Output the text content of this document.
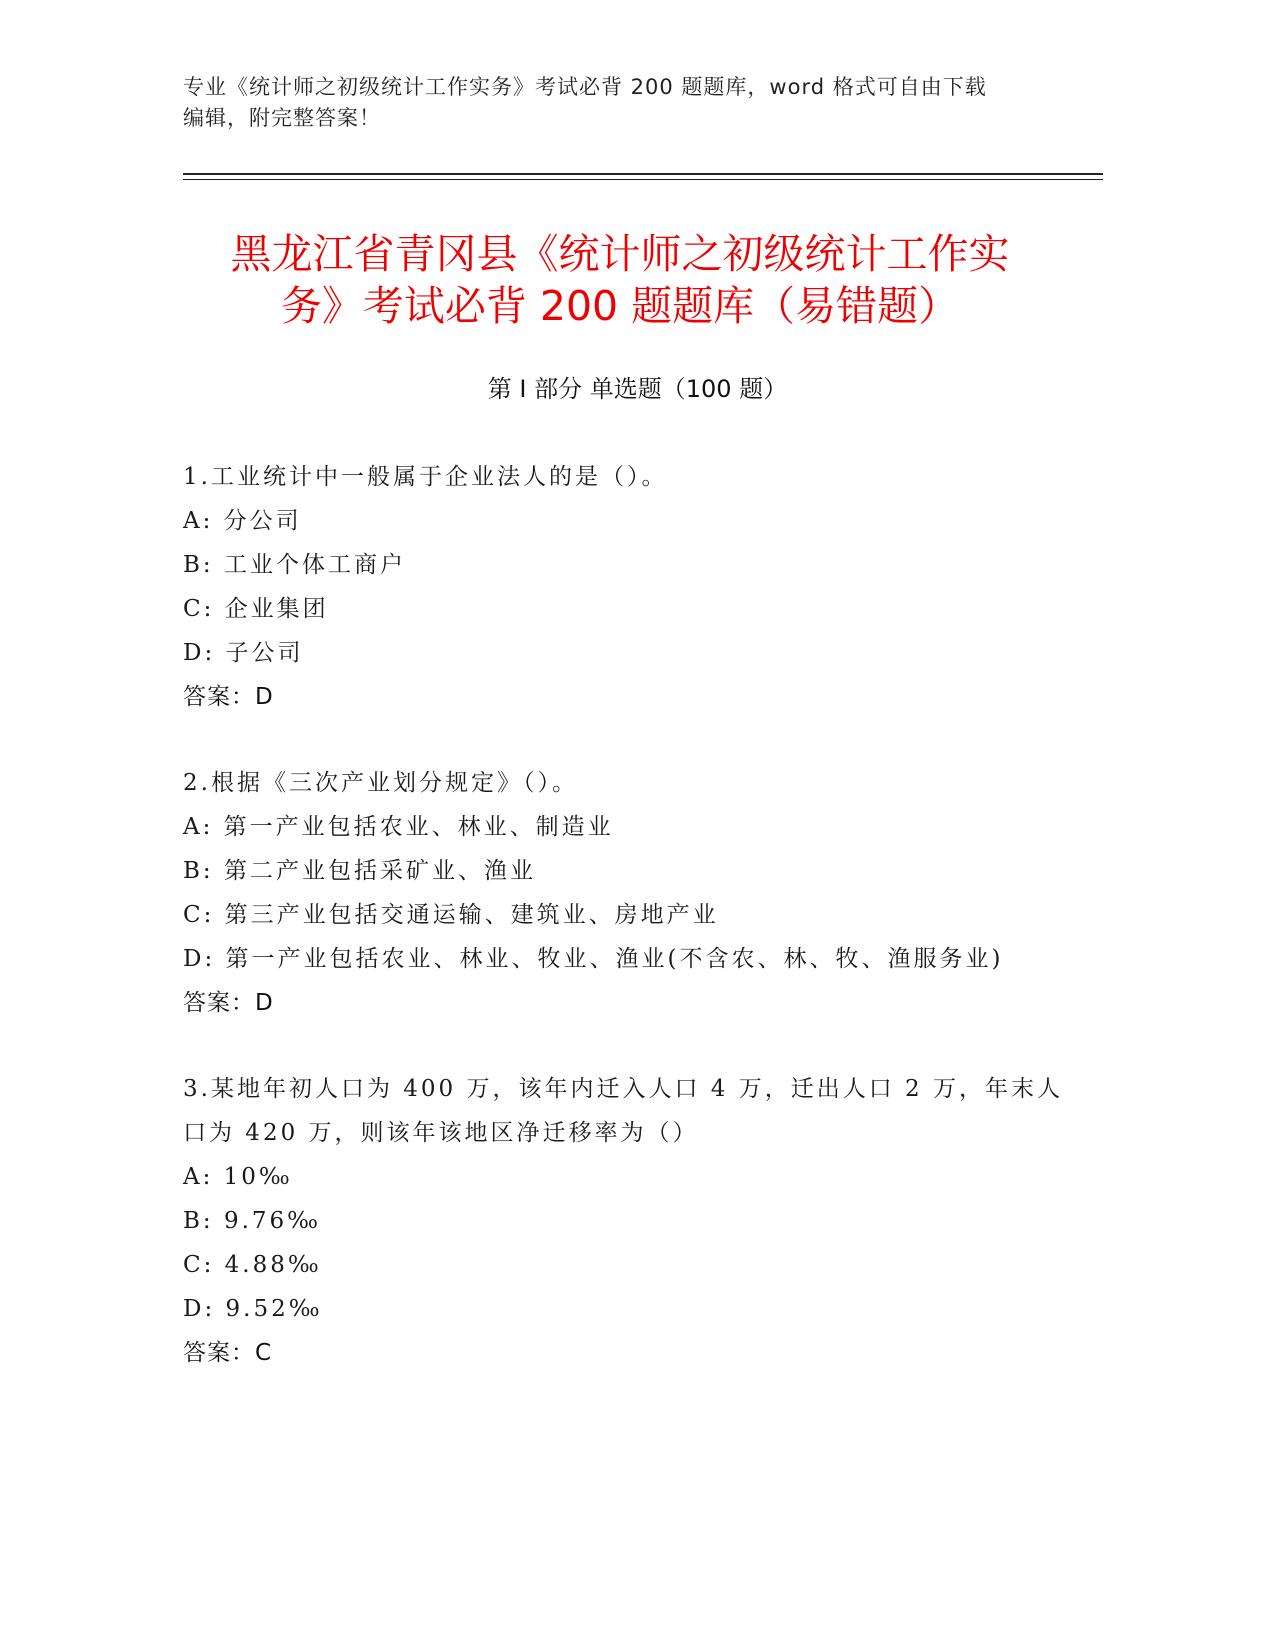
专业《统计师之初级统计工作实务》考试必背 200 题题库，word 格式可自由下载
编辑，附完整答案！
黑龙江省青冈县《统计师之初级统计工作实
务》考试必背 200 题题库（易错题）
第 I 部分 单选题（100 题）
1.工业统计中一般属于企业法人的是（）。
A: 分公司
B: 工业个体工商户
C: 企业集团
D: 子公司
答案：D
2.根据《三次产业划分规定》（）。
A: 第一产业包括农业、林业、制造业
B: 第二产业包括采矿业、渔业
C: 第三产业包括交通运输、建筑业、房地产业
D: 第一产业包括农业、林业、牧业、渔业(不含农、林、牧、渔服务业)
答案：D
3.某地年初人口为 400 万，该年内迁入人口 4 万，迁出人口 2 万，年末人口为 420 万，则该年该地区净迁移率为（）
A: 10‰
B: 9.76‰
C: 4.88‰
D: 9.52‰
答案：C
